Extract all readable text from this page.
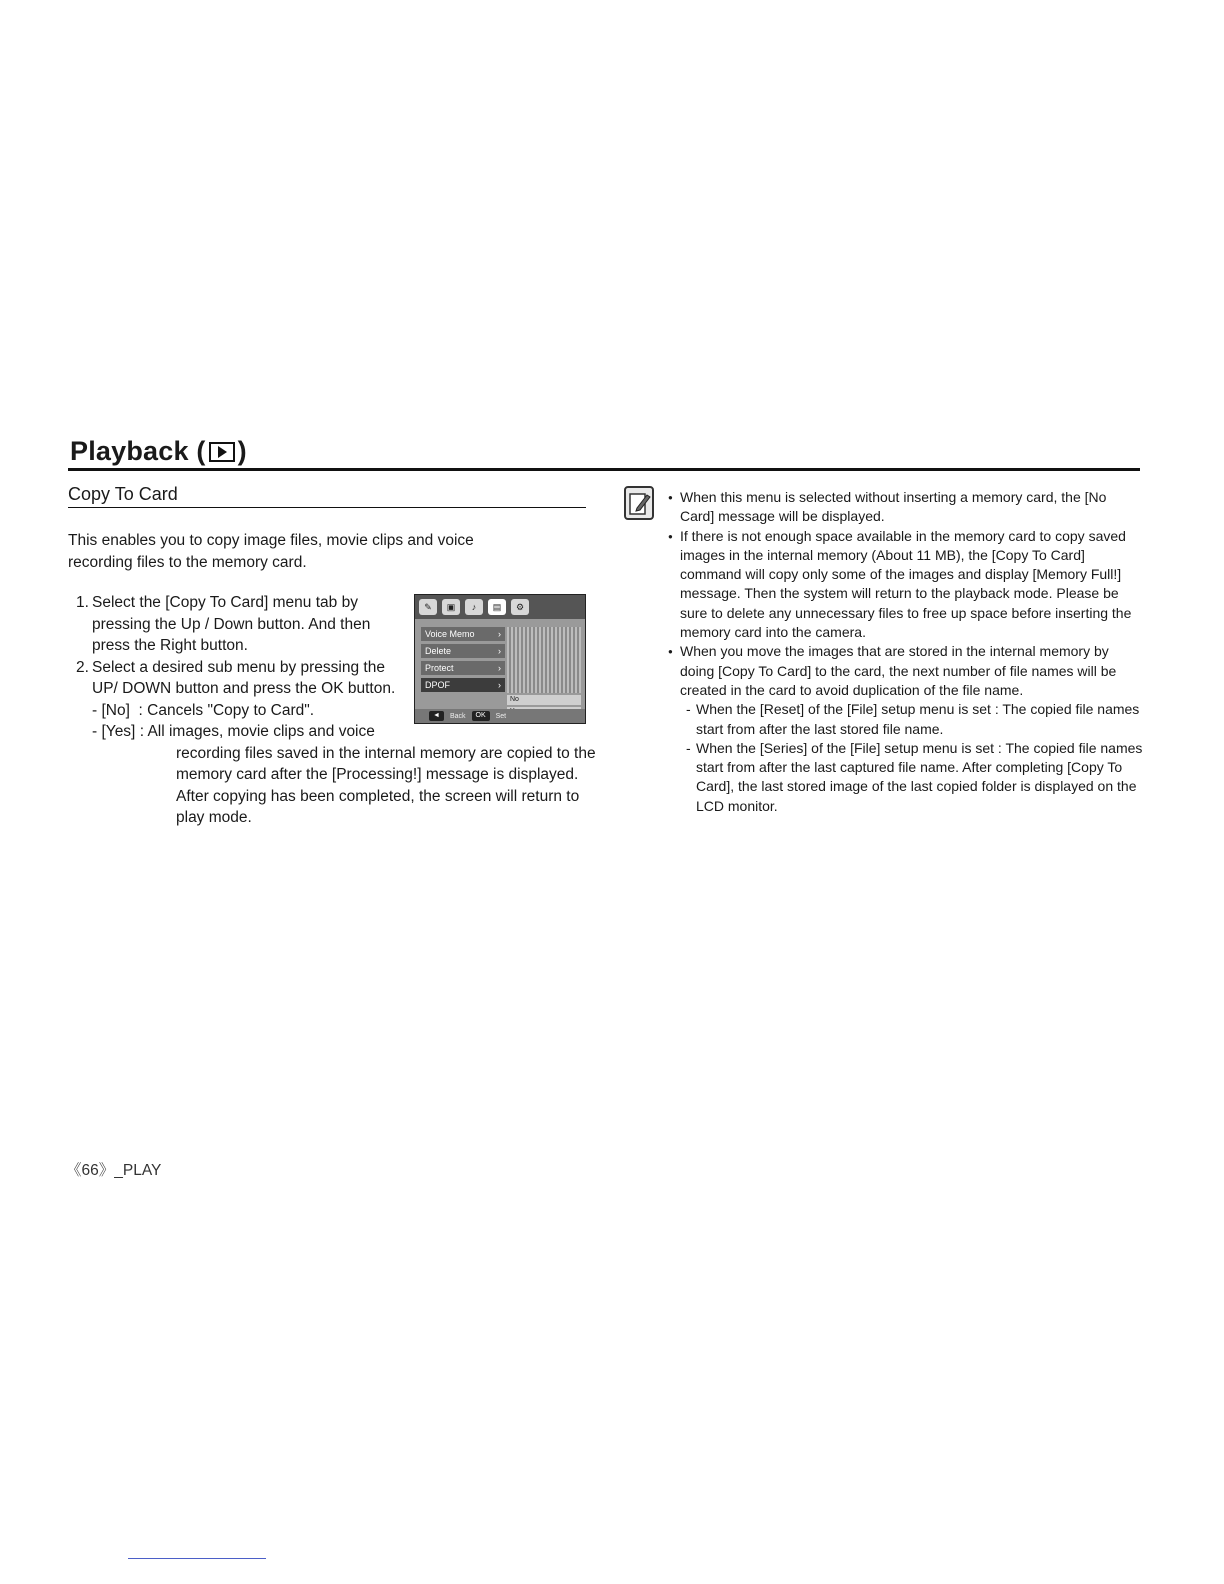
Playback ( )
Copy To Card
This enables you to copy image files, movie clips and voice recording files to the memory card.
1. Select the [Copy To Card] menu tab by pressing the Up / Down button. And then press the Right button.
2. Select a desired sub menu by pressing the UP/ DOWN button and press the OK button.
- [No] : Cancels "Copy to Card".
- [Yes] : All images, movie clips and voice
recording files saved in the internal memory are copied to the memory card after the [Processing!] message is displayed. After copying has been completed, the screen will return to play mode.
✎	▣	♪	▤	⚙
Voice Memo ›
Delete ›
Protect ›
DPOF ›
No
◄	Back	OK	Set
● When this menu is selected without inserting a memory card, the [No Card] message will be displayed.
● If there is not enough space available in the memory card to copy saved images in the internal memory (About 11 MB), the [Copy To Card] command will copy only some of the images and display [Memory Full!] message. Then the system will return to the playback mode. Please be sure to delete any unnecessary files to free up space before inserting the memory card into the camera.
● When you move the images that are stored in the internal memory by doing [Copy To Card] to the card, the next number of file names will be created in the card to avoid duplication of the file name.
- When the [Reset] of the [File] setup menu is set : The copied file names start from after the last stored file name.
- When the [Series] of the [File] setup menu is set : The copied file names start from after the last captured file name. After completing [Copy To Card], the last stored image of the last copied folder is displayed on the LCD monitor.
《66》_PLAY
